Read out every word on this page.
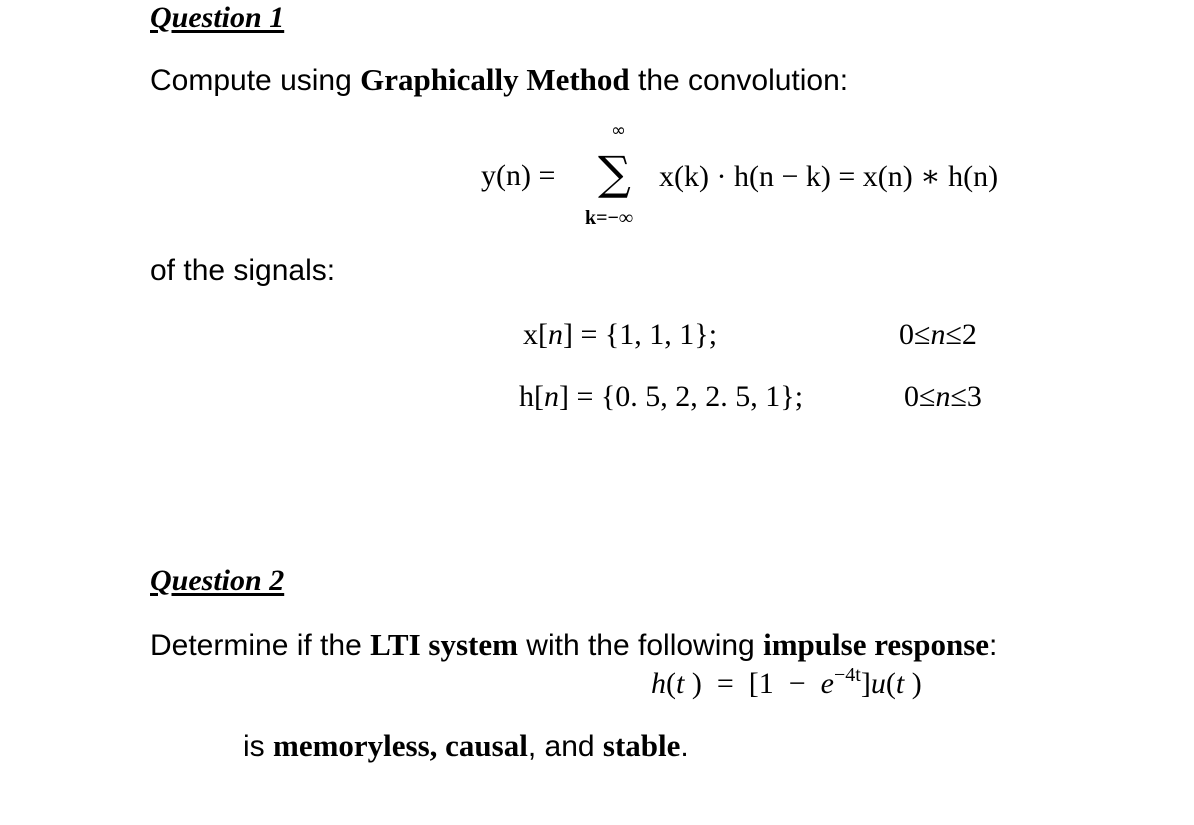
Question 1
Compute using Graphically Method the convolution:
y(n) =
∞
∑
k=−∞
x(k) · h(n − k) = x(n) ∗ h(n)
of the signals:
x[n] = {1, 1, 1};	0≤n≤2
h[n] = {0. 5, 2, 2. 5, 1};	0≤n≤3
Question 2
Determine if the LTI system with the following impulse response:
h(t )  =  $[1 - e^{-4t}]u(t$ )
is memoryless, causal, and stable.
